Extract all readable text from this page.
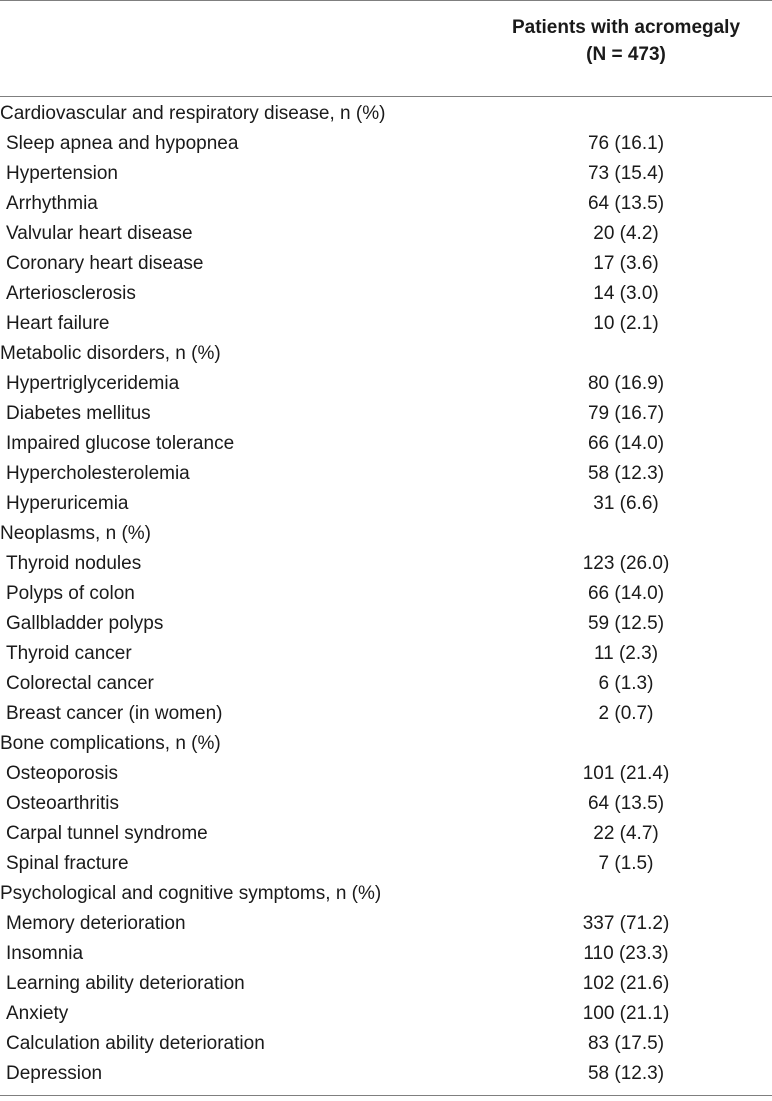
Patients with acromegaly
(N = 473)
Cardiovascular and respiratory disease, n (%)
Sleep apnea and hypopnea	76 (16.1)
Hypertension	73 (15.4)
Arrhythmia	64 (13.5)
Valvular heart disease	20 (4.2)
Coronary heart disease	17 (3.6)
Arteriosclerosis	14 (3.0)
Heart failure	10 (2.1)
Metabolic disorders, n (%)
Hypertriglyceridemia	80 (16.9)
Diabetes mellitus	79 (16.7)
Impaired glucose tolerance	66 (14.0)
Hypercholesterolemia	58 (12.3)
Hyperuricemia	31 (6.6)
Neoplasms, n (%)
Thyroid nodules	123 (26.0)
Polyps of colon	66 (14.0)
Gallbladder polyps	59 (12.5)
Thyroid cancer	11 (2.3)
Colorectal cancer	6 (1.3)
Breast cancer (in women)	2 (0.7)
Bone complications, n (%)
Osteoporosis	101 (21.4)
Osteoarthritis	64 (13.5)
Carpal tunnel syndrome	22 (4.7)
Spinal fracture	7 (1.5)
Psychological and cognitive symptoms, n (%)
Memory deterioration	337 (71.2)
Insomnia	110 (23.3)
Learning ability deterioration	102 (21.6)
Anxiety	100 (21.1)
Calculation ability deterioration	83 (17.5)
Depression	58 (12.3)
